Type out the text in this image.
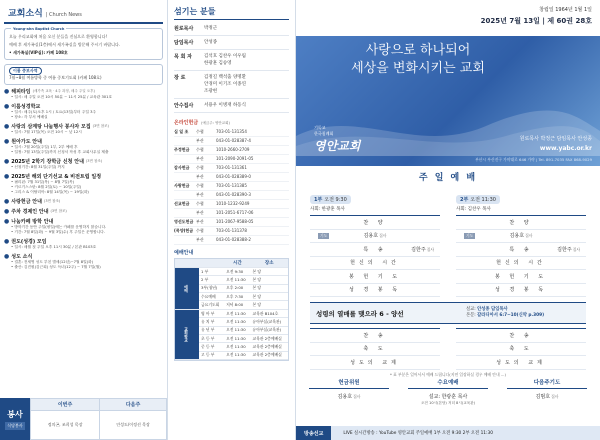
교회소식 | Church News
Young-ahn Baptist Church

오늘 우리교회에 처음 오신 분들을 진심으로 환영합니다!

예배 후 새가족실(1층)에서 새가족실을 방문해 주시기 바랍니다.

• 새가족실(VIP실): 카페 108호

이룸 중보사역
7월~8월 여름방학 중 여름 중보기도회 (카페 108호)
● 해피타임 (새가족 교육 · 4주 과정, 매주 주일 오후)
• 일시: 매 주일 오전 10시 50분 ~ 11시 25분 / 교육관 301호
● 이룸성경학교
• 일시: 매주(토)오후 1시 / 토요(13일)부터 주일 3주
• 장소: 각 부서 예배실
● 사랑의 삼계탕 나눔행사 봉사자 모집 (3면 참조)
• 일시: 7월 17일(목) 오전 10시 ~ 낮 12시
● 원아가도 안내
• 일시: 7월 20일(주일) 1부, 2부 예배 후
• 일정: 7월 13일(주일)까지 신청서 작성 후 교회사무실 제출
● 2025년 2학기 장학금 신청 안내 (3면 참조)
• 신청기간: 8월 31일(주일) 까지
● 2025년 해외 단기선교 & 비전트립 일정
• 필리핀: 7월 31일(목) ~ 8월 7일(목)
• 키르기스스탄: 8월 2일(토) ~ 10일(주일)
• 그리스 & 이탈리아: 8월 14일(목) ~ 19일(화)
● 사랑헌금 안내 (3면 참조)
● 주차 경제인 안내 (3면 참조)
● 나눔카페 방학 안내
• 방학기간 동안 주일(평일)에는 카페를 운영하지 않습니다.
• 기간: 7월 8일(화) ~ 9월 3일(수) 후 주일은 운영합니다.
● 권도(성경) 모임
• 일시: 매월 첫 주일 오후 11시 30분 / 본관 B103호
● 성도 소식
• 결혼: 전세영 성도 부친 별세(12년)~7월 8일(화)
• 출산: 김진원(김근희) 성도 득녀(12주) ~ 7월 7일(월)
봉사
식당봉사
이번주	다음주
정의곤, 조희성 목장	안성도/이정선 목장
섬기는 분들
원로목사	박정근
담임목사	안성종
목 회 자	김석호 김찬우 이우림
한광훈 김승영
장 로	김정길 백석출 양명환
안경미 이기조 이종연
조광현
안수집사	서용우 이병재 하동식
온라인헌금 (예금주: 영안교회)
십 일 조	수협	703-01-131354
부산	043-01-028387-4
주정헌금	수협	1010-2660-2709
부산	101-2090-2091-05
감사헌금	수협	703-01-131361
부산	043-01-028389-0
사랑헌금	수협	703-01-131385
부산	043-01-028390-3
선교헌금	수협	1010-1232-9249
부산	101-2051-6717-06
영선도헌금 부산	101-2067-9588-05
(목양)헌금 수협	703-01-131378
부산	043-01-028388-2
예배안내
		시간	장소
예배	1 부	오전 9:30	본 당
	2 부	오전 11:30	본 당
	3부(청년)	오후 2:00	본 당
	수요예배	오후 7:30	본 당
	금요기도회	저녁 8:00	본 당
교회학교	영 아 부	오전 11:30	교육관 B104호
	유 치 부	오전 11:30	유아부실(교육관)
	유 년 부	오전 11:30	유아부실(교육관)
	초 등 부	오전 11:30	교육관 2층예배실
	중 등 부	오전 11:30	교육관 2층예배실
	고 등 부	오전 11:30	교육관 2층예배실
창립일 1964년 1월 1일
2025년 7월 13일 | 제 60권 28호
사랑으로 하나되어
세상을 변화시키는 교회
기독교
한국침례회
영안교회	원로목사 박정근 담임목사 안성종
www.yabc.or.kr
부산시 부산진구 가야대로 646 가야 | Tel. 891-7035 FAX 868-9029
주 일 예 배
1부 오전 9:30
사회: 한광훈 목사
찬 양
기도	김용호집사
특 송	김한주집사
헌신의 시간
봉 헌 기 도
성 경 봉 독
2부 오전 11:30
사회: 김찬우 목사
찬 양
기도	김용호집사
특 송	김한주집사
헌신의 시간
봉 헌 기 도
성 경 봉 독
성령의 열매를 맺으라 6 - 양선	설교: 안성종 담임목사
본문: 갈라디아서 6:7~10(신약 p.309)
찬 송
축 도
성도의 교제
찬 송
축 도
성도의 교제
* 표 부분은 일어서서 예배 드립니다(지연 입장하실 경우 예배 안내 ...)
헌금위원
김용호집사
수요예배
설교: 한광훈 목사
오전 10시(본당) 저녁 8시(교육관)
다음주기도
김범호집사
방송선교	LIVE 실시간방송 : YouTube 영안교회 주일예배 1부 오전 9:30 2부 오전 11:30
